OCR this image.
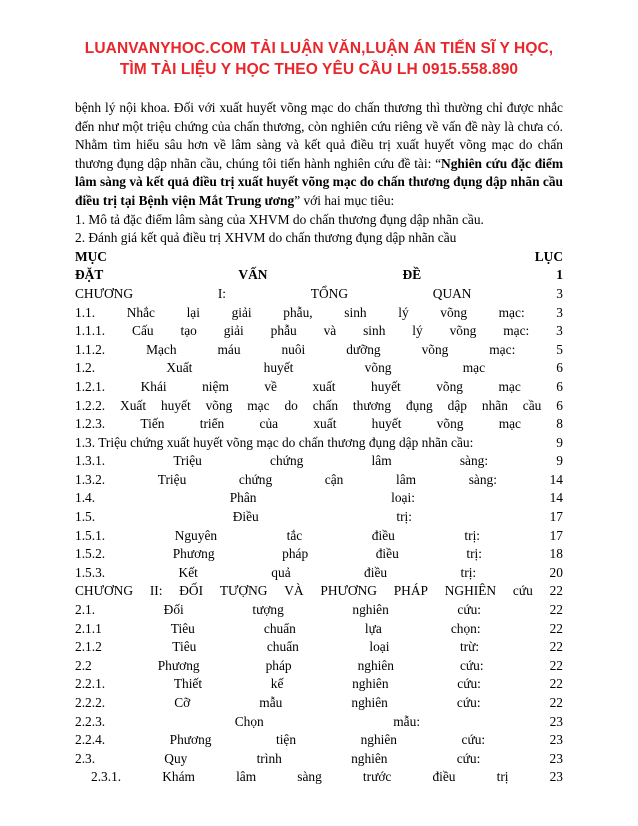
LUANVANYHOC.COM TẢI LUẬN VĂN,LUẬN ÁN TIẾN SĨ Y HỌC,
TÌM TÀI LIỆU Y HỌC THEO YÊU CẦU LH 0915.558.890

bệnh lý nội khoa. Đối với xuất huyết võng mạc do chấn thương thì thường chỉ được nhắc đến như một triệu chứng của chấn thương, còn nghiên cứu riêng về vấn đề này là chưa có. Nhằm tìm hiểu sâu hơn về lâm sàng và kết quả điều trị xuất huyết võng mạc do chấn thương đụng dập nhãn cầu, chúng tôi tiến hành nghiên cứu đề tài: “Nghiên cứu đặc điểm lâm sàng và kết quả điều trị xuất huyết võng mạc do chấn thương đụng dập nhãn cầu điều trị tại Bệnh viện Mắt Trung ương” với hai mục tiêu:

1. Mô tả đặc điểm lâm sàng của XHVM do chấn thương đụng dập nhãn cầu.
2. Đánh giá kết quả điều trị XHVM do chấn thương đụng dập nhãn cầu
MỤC	LỤC
ĐẶT	VẤN	ĐỀ	1
CHƯƠNG	I:	TỔNG	QUAN	3
1.1. Nhắc lại giải phẫu, sinh lý võng mạc: 3
1.1.1. Cấu tạo giải phẫu và sinh lý võng mạc: 3
1.1.2.	Mạch	máu	nuôi	dưỡng	võng	mạc:	5
1.2.	Xuất	huyết	võng	mạc	6
1.2.1.	Khái	niệm	về	xuất	huyết	võng	mạc	6
1.2.2. Xuất huyết võng mạc do chấn thương đụng dập nhãn cầu 6
1.2.3.	Tiến	triển	của	xuất	huyết	võng	mạc	8
1.3. Triệu chứng xuất huyết võng mạc do chấn thương đụng dập nhãn cầu:	9
1.3.1.	Triệu	chứng	lâm	sàng:	9
1.3.2.	Triệu	chứng	cận	lâm	sàng:	14
1.4.	Phân	loại:	14
1.5.	Điều	trị:	17
1.5.1.	Nguyên	tắc	điều	trị:	17
1.5.2.	Phương	pháp	điều	trị:	18
1.5.3.	Kết	quả	điều	trị:	20
CHƯƠNG II: ĐỐI TƯỢNG VÀ PHƯƠNG PHÁP NGHIÊN cứu 22
2.1.	Đối	tượng	nghiên	cứu:	22
2.1.1	Tiêu	chuẩn	lựa	chọn:	22
2.1.2	Tiêu	chuẩn	loại	trừ:	22
2.2	Phương	pháp	nghiên	cứu:	22
2.2.1.	Thiết	kế	nghiên	cứu:	22
2.2.2.	Cỡ	mẫu	nghiên	cứu:	22
2.2.3.	Chọn	mẫu:	23
2.2.4.	Phương	tiện	nghiên	cứu:	23
2.3.	Quy	trình	nghiên	cứu:	23
2.3.1.	Khám	lâm	sàng	trước	điều	trị	23
